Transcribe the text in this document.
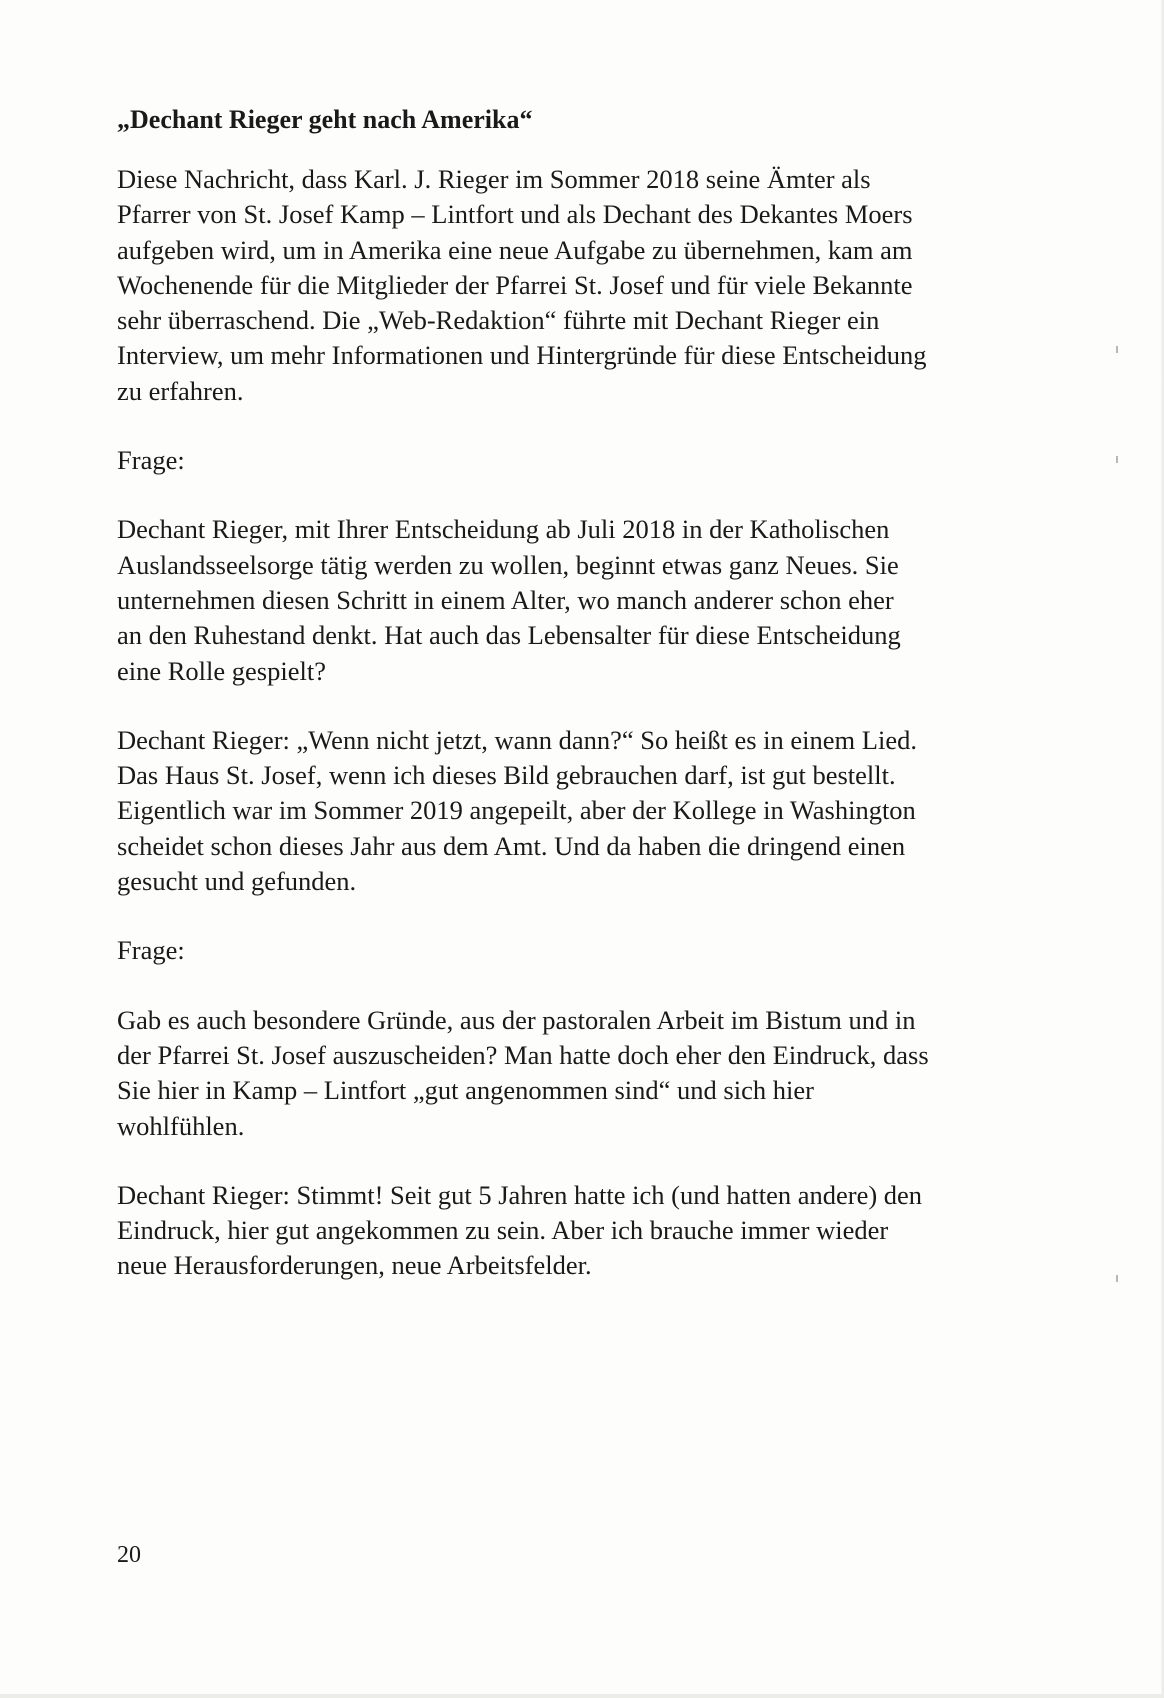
„Dechant Rieger geht nach Amerika“
Diese Nachricht, dass Karl. J. Rieger im Sommer 2018 seine Ämter als
Pfarrer von St. Josef Kamp – Lintfort und als Dechant des Dekantes Moers
aufgeben wird, um in Amerika eine neue Aufgabe zu übernehmen, kam am
Wochenende für die Mitglieder der Pfarrei St. Josef und für viele Bekannte
sehr überraschend. Die „Web-Redaktion“ führte mit Dechant Rieger ein
Interview, um mehr Informationen und Hintergründe für diese Entscheidung
zu erfahren.
Frage:
Dechant Rieger, mit Ihrer Entscheidung ab Juli 2018 in der Katholischen
Auslandsseelsorge tätig werden zu wollen, beginnt etwas ganz Neues. Sie
unternehmen diesen Schritt in einem Alter, wo manch anderer schon eher
an den Ruhestand denkt. Hat auch das Lebensalter für diese Entscheidung
eine Rolle gespielt?
Dechant Rieger: „Wenn nicht jetzt, wann dann?“ So heißt es in einem Lied.
Das Haus St. Josef, wenn ich dieses Bild gebrauchen darf, ist gut bestellt.
Eigentlich war im Sommer 2019 angepeilt, aber der Kollege in Washington
scheidet schon dieses Jahr aus dem Amt. Und da haben die dringend einen
gesucht und gefunden.
Frage:
Gab es auch besondere Gründe, aus der pastoralen Arbeit im Bistum und in
der Pfarrei St. Josef auszuscheiden? Man hatte doch eher den Eindruck, dass
Sie hier in Kamp – Lintfort „gut angenommen sind“ und sich hier
wohlfühlen.
Dechant Rieger: Stimmt! Seit gut 5 Jahren hatte ich (und hatten andere) den
Eindruck, hier gut angekommen zu sein. Aber ich brauche immer wieder
neue Herausforderungen, neue Arbeitsfelder.
20
